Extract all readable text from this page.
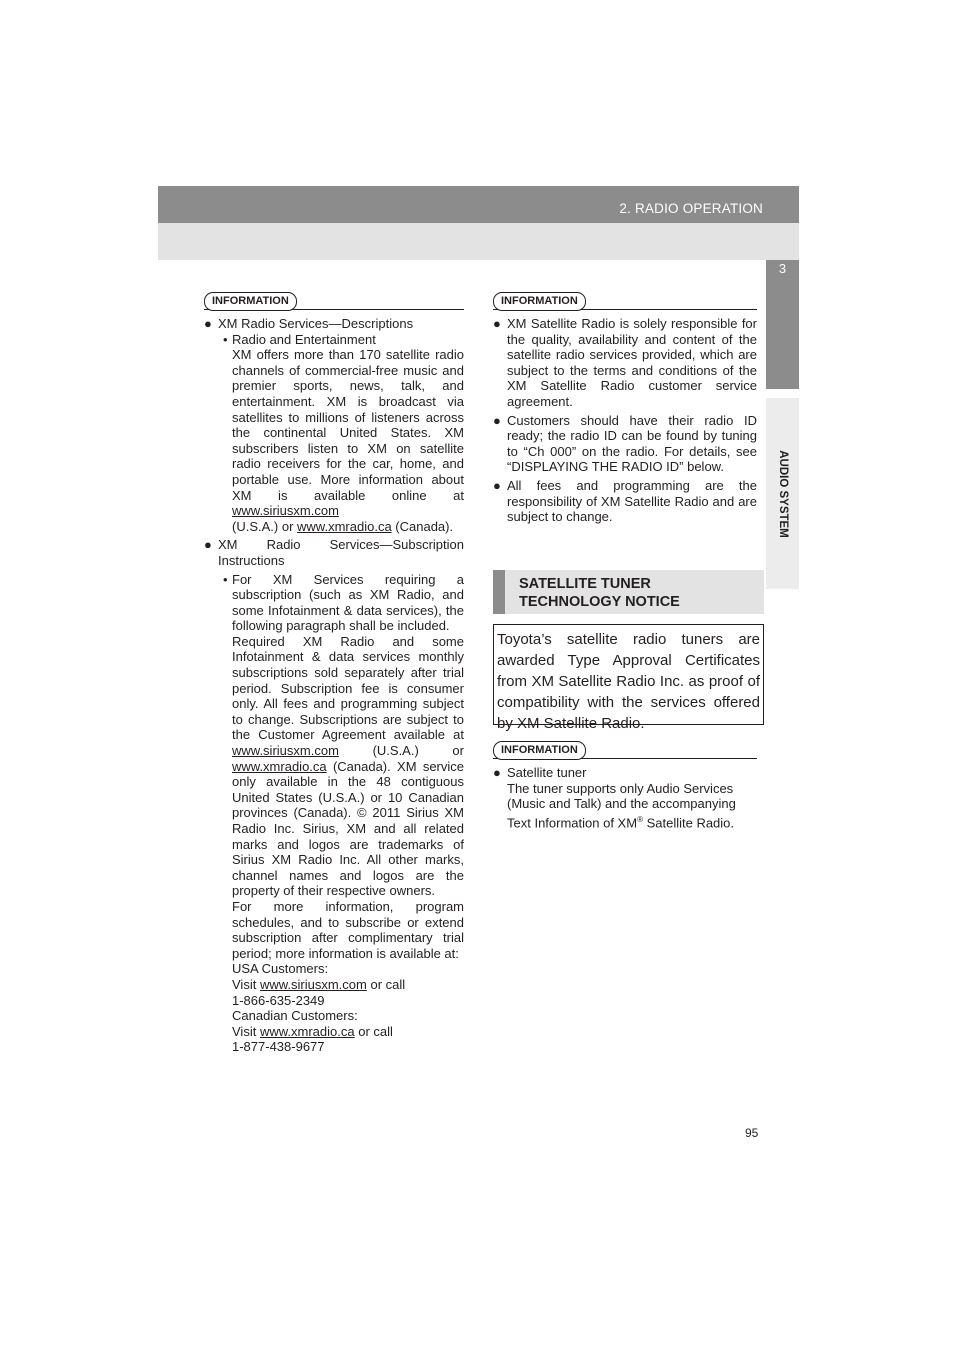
2. RADIO OPERATION
3
AUDIO SYSTEM
INFORMATION
● XM Radio Services—Descriptions

• Radio and Entertainment

XM offers more than 170 satellite radio channels of commercial-free music and premier sports, news, talk, and entertainment. XM is broadcast via satellites to millions of listeners across the continental United States. XM subscribers listen to XM on satellite radio receivers for the car, home, and portable use. More information about XM is available online at www.siriusxm.com
(U.S.A.) or www.xmradio.ca (Canada).

● XM Radio Services—Subscription Instructions

• For XM Services requiring a subscription (such as XM Radio, and some Infotainment & data services), the following paragraph shall be included.

Required XM Radio and some Infotainment & data services monthly subscriptions sold separately after trial period. Subscription fee is consumer only. All fees and programming subject to change. Subscriptions are subject to the Customer Agreement available at www.siriusxm.com	(U.S.A.) or www.xmradio.ca (Canada). XM service only available in the 48 contiguous United States (U.S.A.) or 10 Canadian provinces (Canada). © 2011 Sirius XM Radio Inc. Sirius, XM and all related marks and logos are trademarks of Sirius XM Radio Inc. All other marks, channel names and logos are the property of their respective owners.

For more information, program schedules, and to subscribe or extend subscription after complimentary trial period; more information is available at:

USA Customers:

Visit www.siriusxm.com or call

1-866-635-2349

Canadian Customers:

Visit www.xmradio.ca or call

1-877-438-9677

INFORMATION
● XM Satellite Radio is solely responsible for the quality, availability and content of the satellite radio services provided, which are subject to the terms and conditions of the XM Satellite Radio customer service agreement.

● Customers should have their radio ID ready; the radio ID can be found by tuning to “Ch 000” on the radio. For details, see “DISPLAYING THE RADIO ID” below.

● All fees and programming are the responsibility of XM Satellite Radio and are subject to change.

SATELLITE TUNER
TECHNOLOGY NOTICE

Toyota’s satellite radio tuners are awarded Type Approval Certificates from XM Satellite Radio Inc. as proof of compatibility with the services offered by XM Satellite Radio.

INFORMATION
● Satellite tuner

The tuner supports only Audio Services (Music and Talk) and the accompanying Text Information of XM® Satellite Radio.

95
